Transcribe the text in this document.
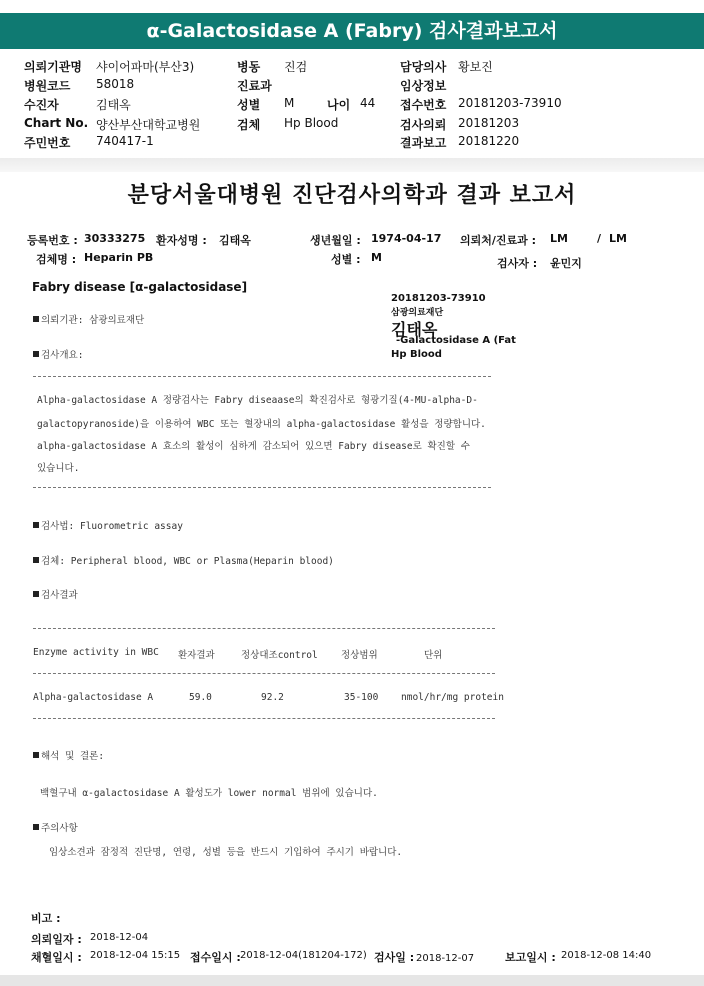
α-Galactosidase A (Fabry) 검사결과보고서
의뢰기관명 샤이어파마(부산3)
병원코드 58018
수진자	김태옥
Chart No. 양산부산대학교병원
주민번호 740417-1
병동 진검
진료과
성별 M	나이 44
검체 Hp Blood
담당의사 황보진
임상정보
접수번호 20181203-73910
검사의뢰 20181203
결과보고 20181220
분당서울대병원 진단검사의학과 결과 보고서
등록번호 : 30333275 환자성명 : 김태옥	생년월일 : 1974-04-17 의뢰처/진료과 : LM	/ LM
검체명 : Heparin PB	성별 : M	검사자 : 윤민지
Fabry disease [α-galactosidase]
20181203-73910
삼광의료재단
김태옥
-Galactosidase A (Fat
Hp Blood
의뢰기관: 삼광의료재단
검사개요:
Alpha-galactosidase A 정량검사는 Fabry diseaase의 확진검사로 형광기질(4-MU-alpha-D-
galactopyranoside)을 이용하여 WBC 또는 혈장내의 alpha-galactosidase 활성을 정량합니다.
alpha-galactosidase A 효소의 활성이 심하게 감소되어 있으면 Fabry disease로 확진할 수
있습니다.
검사법: Fluorometric assay
검체: Peripheral blood, WBC or Plasma(Heparin blood)
검사결과
Enzyme activity in WBC 환자결과	정상대조control 정상범위	단위
Alpha-galactosidase A	59.0	92.2	35-100 nmol/hr/mg protein
해석 및 결론:
백혈구내 α-galactosidase A 활성도가 lower normal 범위에 있습니다.
주의사항
임상소견과 잠정적 진단명, 연령, 성별 등을 반드시 기입하여 주시기 바랍니다.
비고 :
의뢰일자 : 2018-12-04
채혈일시 : 2018-12-04 15:15 접수일시 : 2018-12-04(181204-172) 검사일 : 2018-12-07	보고일시 : 2018-12-08 14:40
